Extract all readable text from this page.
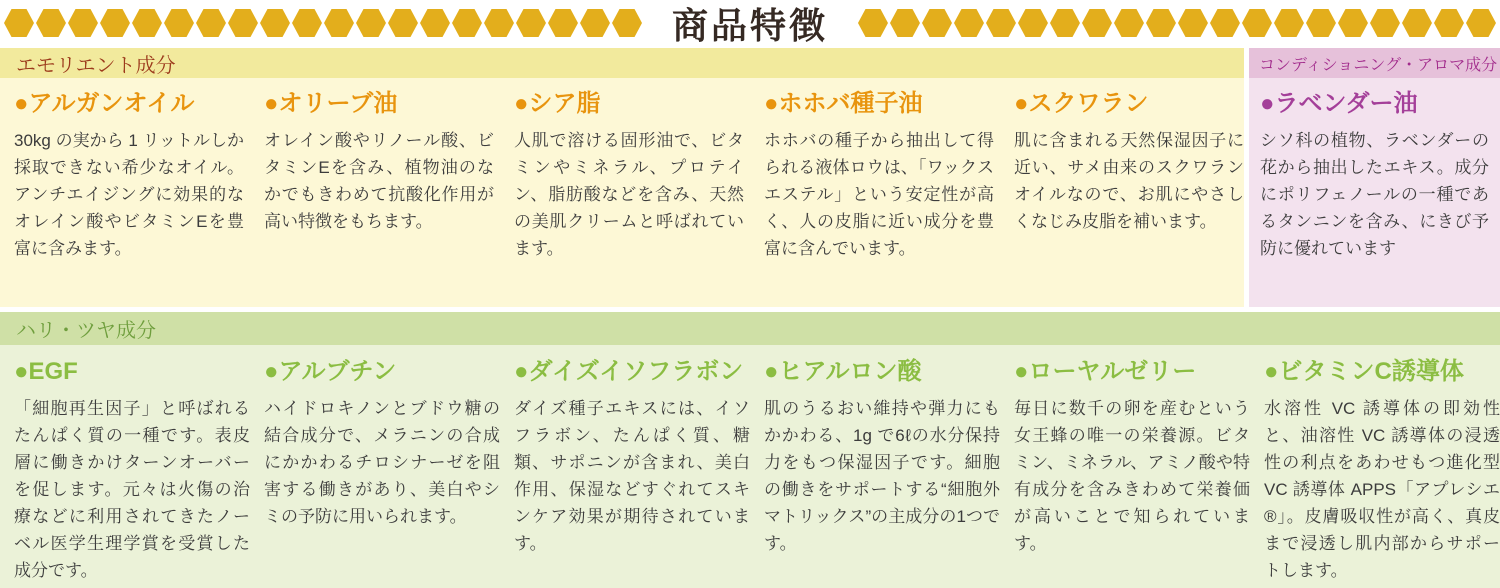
商品特徴
エモリエント成分
●アルガンオイル

30kg の実から 1 リットルしか採取できない希少なオイル。アンチエイジングに効果的なオレイン酸やビタミンEを豊富に含みます。

●オリーブ油

オレイン酸やリノール酸、ビタミンEを含み、植物油のなかでもきわめて抗酸化作用が高い特徴をもちます。

●シア脂

人肌で溶ける固形油で、ビタミンやミネラル、プロテイン、脂肪酸などを含み、天然の美肌クリームと呼ばれています。

●ホホバ種子油

ホホバの種子から抽出して得られる液体ロウは、「ワックスエステル」という安定性が高く、人の皮脂に近い成分を豊富に含んでいます。

●スクワラン

肌に含まれる天然保湿因子に近い、サメ由来のスクワランオイルなので、お肌にやさしくなじみ皮脂を補います。

コンディショニング・アロマ成分
●ラベンダー油

シソ科の植物、ラベンダーの花から抽出したエキス。成分にポリフェノールの一種であるタンニンを含み、にきび予防に優れています

ハリ・ツヤ成分
●EGF

「細胞再生因子」と呼ばれるたんぱく質の一種です。表皮層に働きかけターンオーバーを促します。元々は火傷の治療などに利用されてきたノーベル医学生理学賞を受賞した成分です。

●アルブチン

ハイドロキノンとブドウ糖の結合成分で、メラニンの合成にかかわるチロシナーゼを阻害する働きがあり、美白やシミの予防に用いられます。

●ダイズイソフラボン

ダイズ種子エキスには、イソフラボン、たんぱく質、糖類、サポニンが含まれ、美白作用、保湿などすぐれてスキンケア効果が期待されています。

●ヒアルロン酸

肌のうるおい維持や弾力にもかかわる、1g で6ℓの水分保持力をもつ保湿因子です。細胞の働きをサポートする“細胞外マトリックス”の主成分の1つです。

●ローヤルゼリー

毎日に数千の卵を産むという女王蜂の唯一の栄養源。ビタミン、ミネラル、アミノ酸や特有成分を含みきわめて栄養価が高いことで知られています。

●ビタミンC誘導体

水溶性 VC 誘導体の即効性と、油溶性 VC 誘導体の浸透性の利点をあわせもつ進化型 VC 誘導体 APPS「アプレシエ ®」。皮膚吸収性が高く、真皮まで浸透し肌内部からサポートします。
